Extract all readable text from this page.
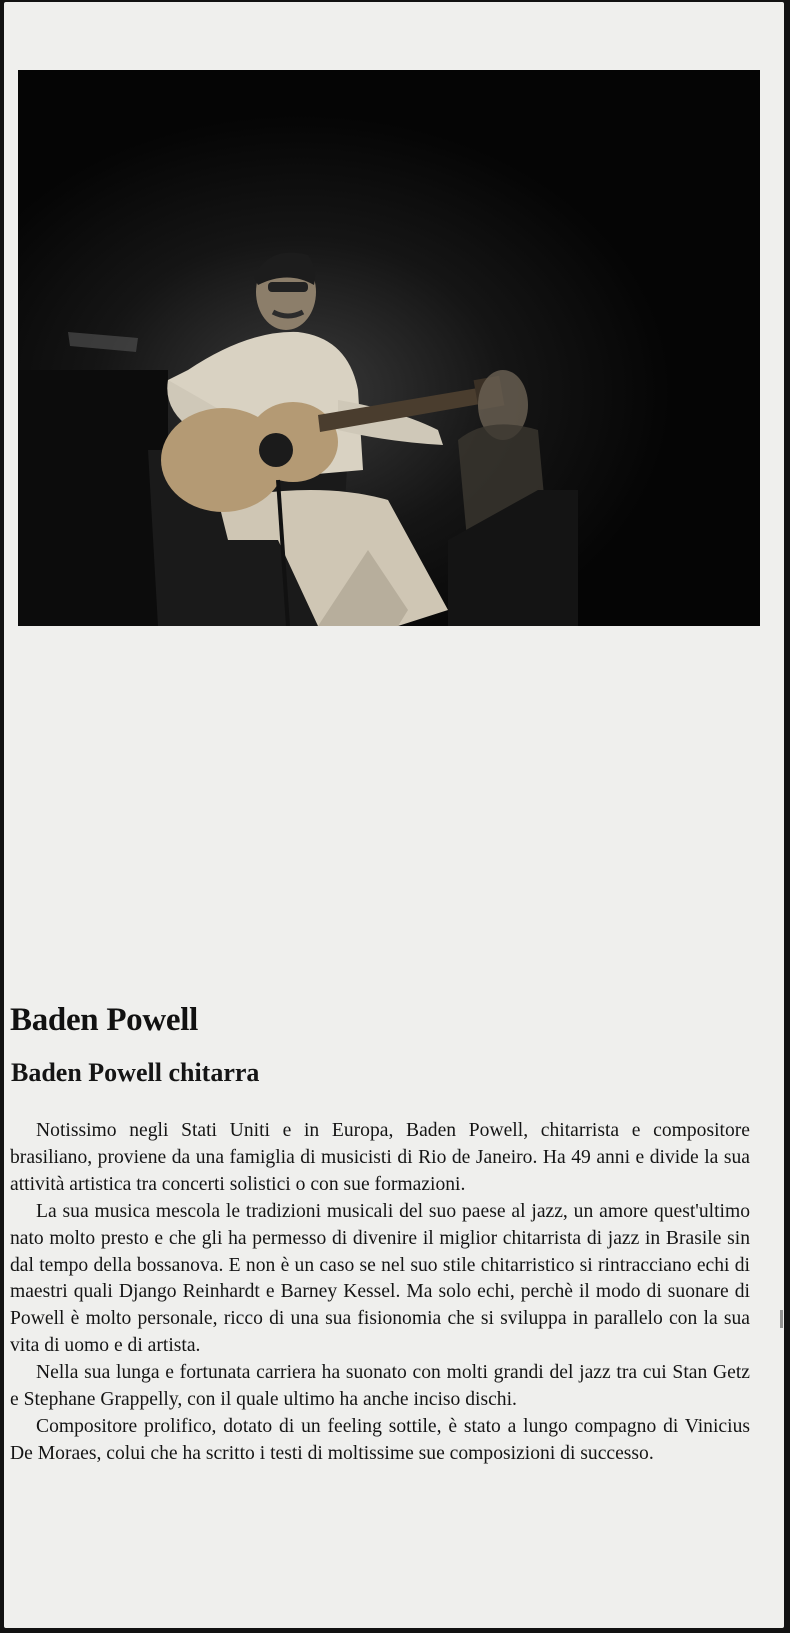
Baden Powell
Baden Powell chitarra

Notissimo negli Stati Uniti e in Europa, Baden Powell, chitarrista e compositore brasiliano, proviene da una famiglia di musicisti di Rio de Janeiro. Ha 49 anni e divide la sua attività artistica tra concerti solistici o con sue formazioni.

La sua musica mescola le tradizioni musicali del suo paese al jazz, un amore quest'ultimo nato molto presto e che gli ha permesso di divenire il miglior chitarrista di jazz in Brasile sin dal tempo della bossanova. E non è un caso se nel suo stile chitarristico si rintracciano echi di maestri quali Django Reinhardt e Barney Kessel. Ma solo echi, perchè il modo di suonare di Powell è molto personale, ricco di una sua fisionomia che si sviluppa in parallelo con la sua vita di uomo e di artista.

Nella sua lunga e fortunata carriera ha suonato con molti grandi del jazz tra cui Stan Getz e Stephane Grappelly, con il quale ultimo ha anche inciso dischi.

Compositore prolifico, dotato di un feeling sottile, è stato a lungo compagno di Vinicius De Moraes, colui che ha scritto i testi di moltissime sue composizioni di successo.
